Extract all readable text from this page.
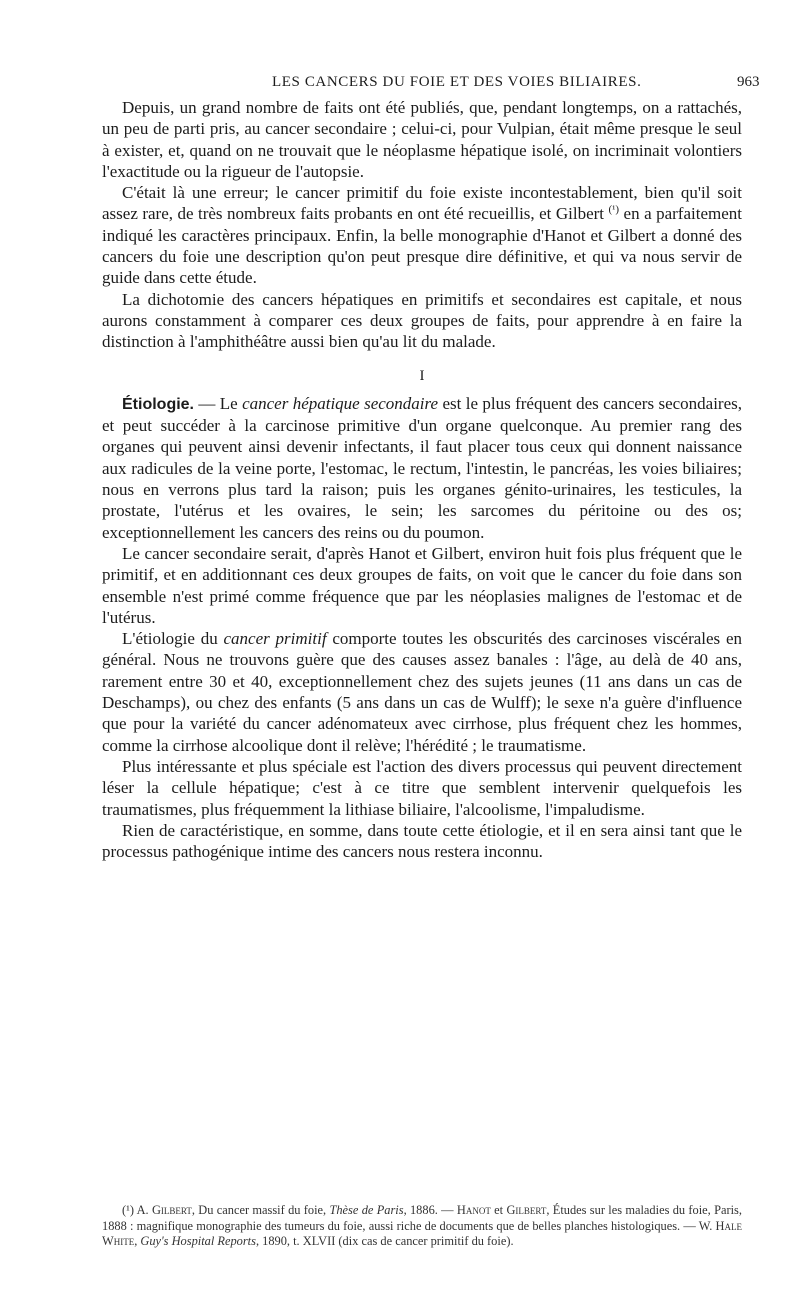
LES CANCERS DU FOIE ET DES VOIES BILIAIRES.	963

Depuis, un grand nombre de faits ont été publiés, que, pendant longtemps, on a rattachés, un peu de parti pris, au cancer secondaire ; celui-ci, pour Vulpian, était même presque le seul à exister, et, quand on ne trouvait que le néoplasme hépatique isolé, on incriminait volontiers l'exactitude ou la rigueur de l'autopsie.

C'était là une erreur; le cancer primitif du foie existe incontestablement, bien qu'il soit assez rare, de très nombreux faits probants en ont été recueillis, et Gilbert $^{(^1)}$ en a parfaitement indiqué les caractères principaux. Enfin, la belle monographie d'Hanot et Gilbert a donné des cancers du foie une description qu'on peut presque dire définitive, et qui va nous servir de guide dans cette étude.

La dichotomie des cancers hépatiques en primitifs et secondaires est capitale, et nous aurons constamment à comparer ces deux groupes de faits, pour apprendre à en faire la distinction à l'amphithéâtre aussi bien qu'au lit du malade.

I

Étiologie. — Le cancer hépatique secondaire est le plus fréquent des cancers secondaires, et peut succéder à la carcinose primitive d'un organe quelconque. Au premier rang des organes qui peuvent ainsi devenir infectants, il faut placer tous ceux qui donnent naissance aux radicules de la veine porte, l'estomac, le rectum, l'intestin, le pancréas, les voies biliaires; nous en verrons plus tard la raison; puis les organes génito-urinaires, les testicules, la prostate, l'utérus et les ovaires, le sein; les sarcomes du péritoine ou des os; exceptionnellement les cancers des reins ou du poumon.

Le cancer secondaire serait, d'après Hanot et Gilbert, environ huit fois plus fréquent que le primitif, et en additionnant ces deux groupes de faits, on voit que le cancer du foie dans son ensemble n'est primé comme fréquence que par les néoplasies malignes de l'estomac et de l'utérus.

L'étiologie du cancer primitif comporte toutes les obscurités des carcinoses viscérales en général. Nous ne trouvons guère que des causes assez banales : l'âge, au delà de 40 ans, rarement entre 30 et 40, exceptionnellement chez des sujets jeunes (11 ans dans un cas de Deschamps), ou chez des enfants (5 ans dans un cas de Wulff); le sexe n'a guère d'influence que pour la variété du cancer adénomateux avec cirrhose, plus fréquent chez les hommes, comme la cirrhose alcoolique dont il relève; l'hérédité ; le traumatisme.

Plus intéressante et plus spéciale est l'action des divers processus qui peuvent directement léser la cellule hépatique; c'est à ce titre que semblent intervenir quelquefois les traumatismes, plus fréquemment la lithiase biliaire, l'alcoolisme, l'impaludisme.

Rien de caractéristique, en somme, dans toute cette étiologie, et il en sera ainsi tant que le processus pathogénique intime des cancers nous restera inconnu.

(¹) A. Gilbert, Du cancer massif du foie, Thèse de Paris, 1886. — Hanot et Gilbert, Études sur les maladies du foie, Paris, 1888 : magnifique monographie des tumeurs du foie, aussi riche de documents que de belles planches histologiques. — W. Hale White, Guy's Hospital Reports, 1890, t. XLVII (dix cas de cancer primitif du foie).
